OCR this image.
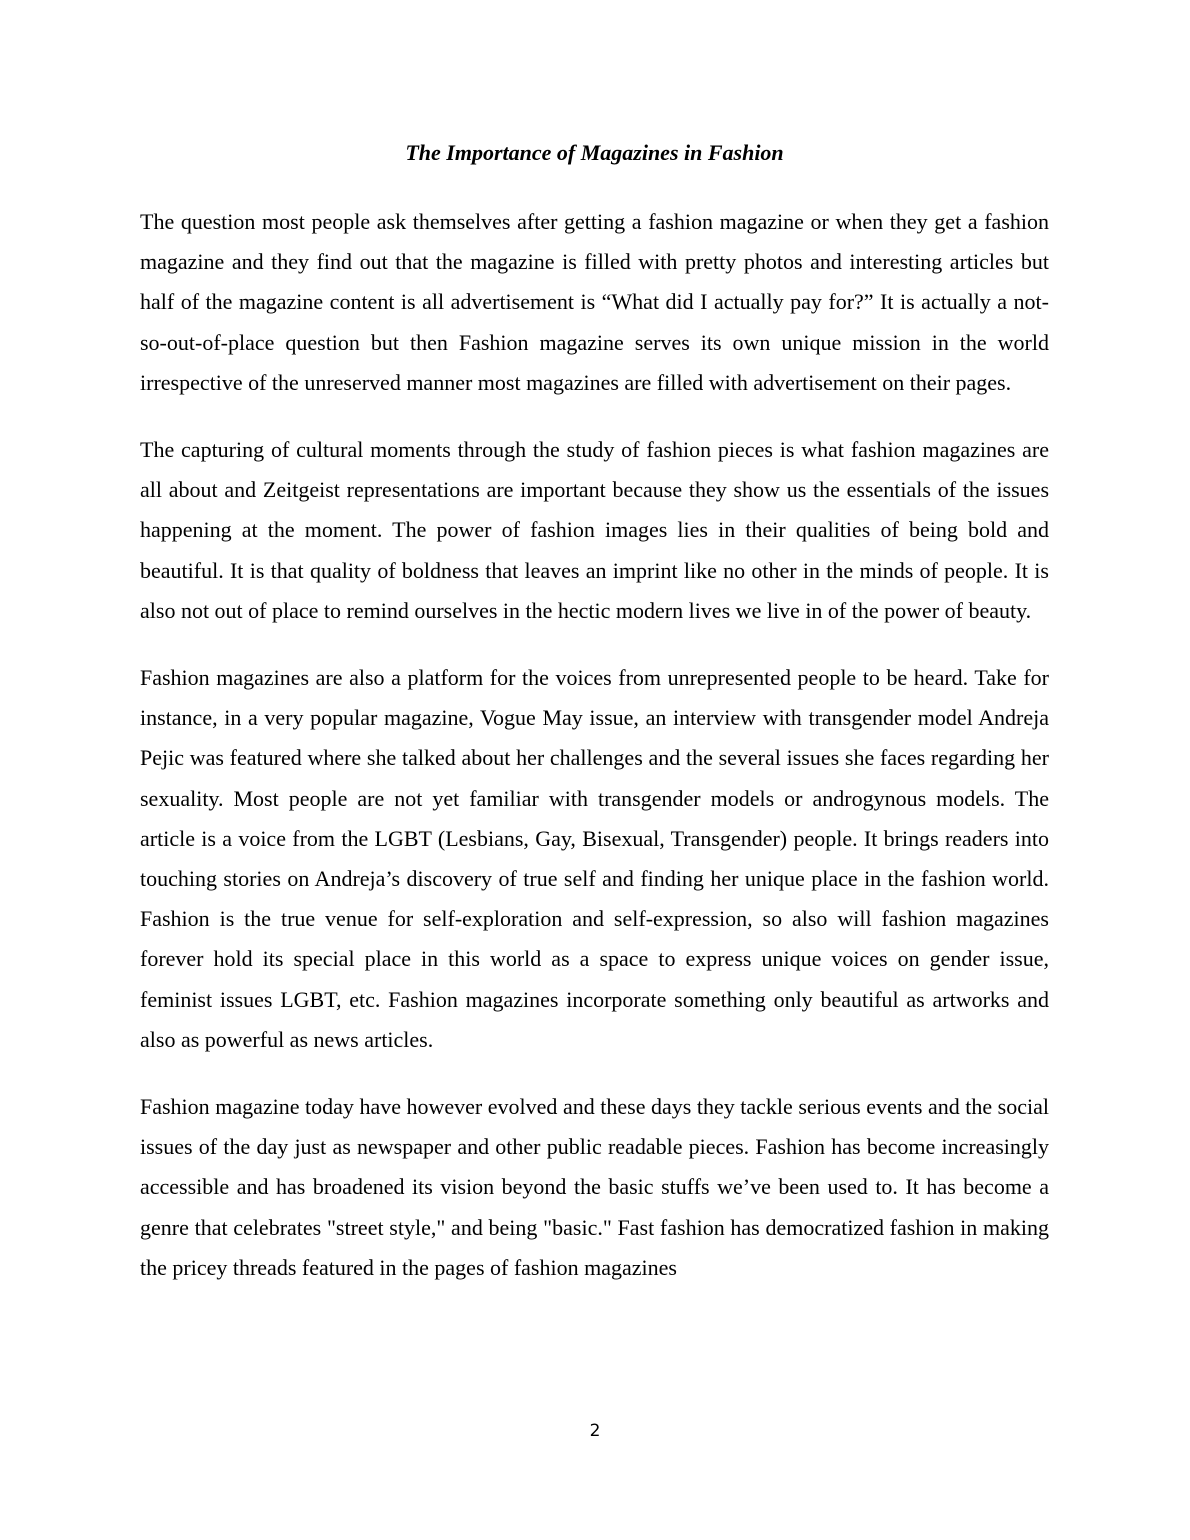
The Importance of Magazines in Fashion

The question most people ask themselves after getting a fashion magazine or when they get a fashion magazine and they find out that the magazine is filled with pretty photos and interesting articles but half of the magazine content is all advertisement is “What did I actually pay for?” It is actually a not-so-out-of-place question but then Fashion magazine serves its own unique mission in the world irrespective of the unreserved manner most magazines are filled with advertisement on their pages.

The capturing of cultural moments through the study of fashion pieces is what fashion magazines are all about and Zeitgeist representations are important because they show us the essentials of the issues happening at the moment. The power of fashion images lies in their qualities of being bold and beautiful. It is that quality of boldness that leaves an imprint like no other in the minds of people. It is also not out of place to remind ourselves in the hectic modern lives we live in of the power of beauty.

Fashion magazines are also a platform for the voices from unrepresented people to be heard. Take for instance, in a very popular magazine, Vogue May issue, an interview with transgender model Andreja Pejic was featured where she talked about her challenges and the several issues she faces regarding her sexuality. Most people are not yet familiar with transgender models or androgynous models. The article is a voice from the LGBT (Lesbians, Gay, Bisexual, Transgender) people. It brings readers into touching stories on Andreja’s discovery of true self and finding her unique place in the fashion world. Fashion is the true venue for self-exploration and self-expression, so also will fashion magazines forever hold its special place in this world as a space to express unique voices on gender issue, feminist issues LGBT, etc. Fashion magazines incorporate something only beautiful as artworks and also as powerful as news articles.

Fashion magazine today have however evolved and these days they tackle serious events and the social issues of the day just as newspaper and other public readable pieces. Fashion has become increasingly accessible and has broadened its vision beyond the basic stuffs we’ve been used to. It has become a genre that celebrates "street style," and being "basic." Fast fashion has democratized fashion in making the pricey threads featured in the pages of fashion magazines

2
